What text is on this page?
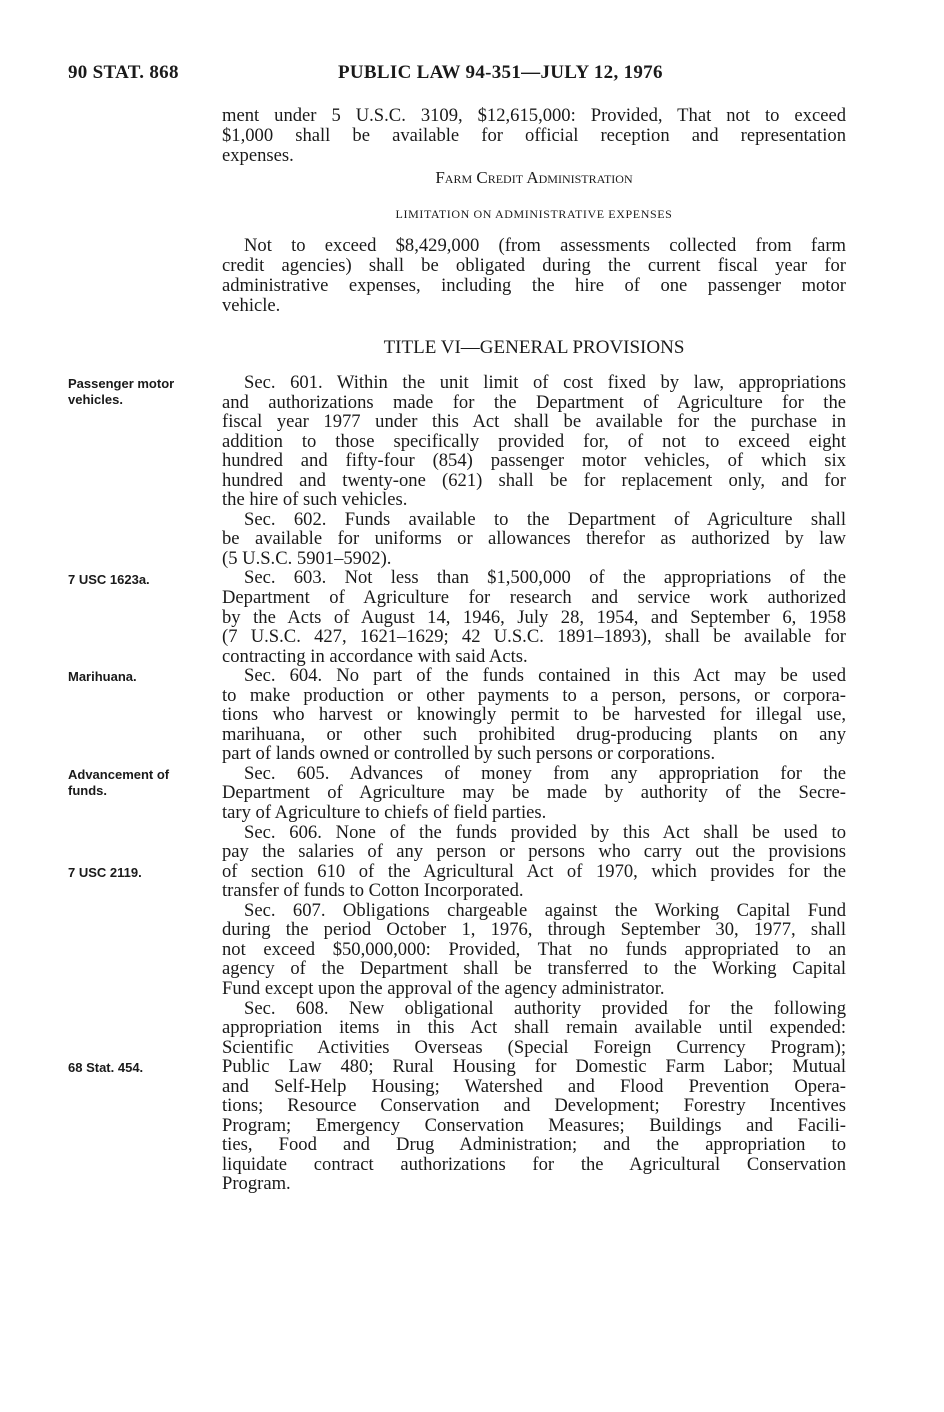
90 STAT. 868	PUBLIC LAW 94-351—JULY 12, 1976
ment under 5 U.S.C. 3109, $12,615,000: Provided, That not to exceed
$1,000 shall be available for official reception and representation
expenses.
Farm Credit Administration
LIMITATION ON ADMINISTRATIVE EXPENSES
Not to exceed $8,429,000 (from assessments collected from farm
credit agencies) shall be obligated during the current fiscal year for
administrative expenses, including the hire of one passenger motor
vehicle.
TITLE VI—GENERAL PROVISIONS
Sec. 601. Within the unit limit of cost fixed by law, appropriations
and authorizations made for the Department of Agriculture for the
fiscal year 1977 under this Act shall be available for the purchase in
addition to those specifically provided for, of not to exceed eight
hundred and fifty-four (854) passenger motor vehicles, of which six
hundred and twenty-one (621) shall be for replacement only, and for
the hire of such vehicles.
Sec. 602. Funds available to the Department of Agriculture shall
be available for uniforms or allowances therefor as authorized by law
(5 U.S.C. 5901–5902).
Sec. 603. Not less than $1,500,000 of the appropriations of the
Department of Agriculture for research and service work authorized
by the Acts of August 14, 1946, July 28, 1954, and September 6, 1958
(7 U.S.C. 427, 1621–1629; 42 U.S.C. 1891–1893), shall be available for
contracting in accordance with said Acts.
Sec. 604. No part of the funds contained in this Act may be used
to make production or other payments to a person, persons, or corpora-
tions who harvest or knowingly permit to be harvested for illegal use,
marihuana, or other such prohibited drug-producing plants on any
part of lands owned or controlled by such persons or corporations.
Sec. 605. Advances of money from any appropriation for the
Department of Agriculture may be made by authority of the Secre-
tary of Agriculture to chiefs of field parties.
Sec. 606. None of the funds provided by this Act shall be used to
pay the salaries of any person or persons who carry out the provisions
of section 610 of the Agricultural Act of 1970, which provides for the
transfer of funds to Cotton Incorporated.
Sec. 607. Obligations chargeable against the Working Capital Fund
during the period October 1, 1976, through September 30, 1977, shall
not exceed $50,000,000: Provided, That no funds appropriated to an
agency of the Department shall be transferred to the Working Capital
Fund except upon the approval of the agency administrator.
Sec. 608. New obligational authority provided for the following
appropriation items in this Act shall remain available until expended:
Scientific Activities Overseas (Special Foreign Currency Program);
Public Law 480; Rural Housing for Domestic Farm Labor; Mutual
and Self-Help Housing; Watershed and Flood Prevention Opera-
tions; Resource Conservation and Development; Forestry Incentives
Program; Emergency Conservation Measures; Buildings and Facili-
ties, Food and Drug Administration; and the appropriation to
liquidate contract authorizations for the Agricultural Conservation
Program.
Passenger motor vehicles.
7 USC 1623a.
Marihuana.
Advancement of funds.
7 USC 2119.
68 Stat. 454.
